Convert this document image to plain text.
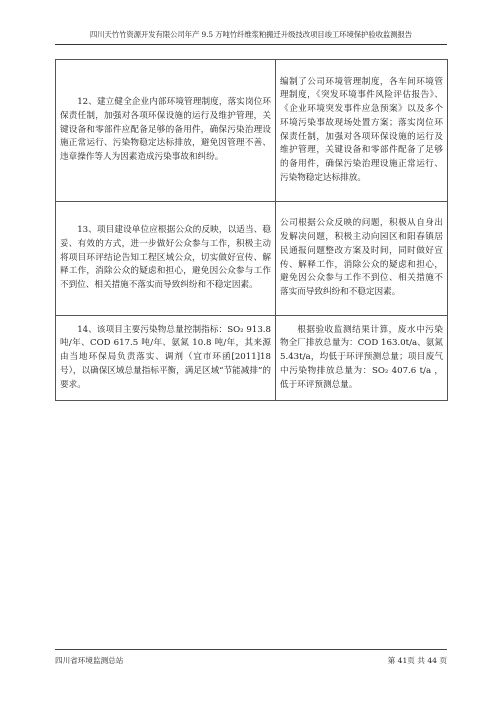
四川天竹竹资源开发有限公司年产 9.5 万吨竹纤维浆粕搬迁升级技改项目竣工环境保护验收监测报告
12、建立健全企业内部环境管理制度，落实岗位环保责任制，加强对各项环保设施的运行及维护管理，关键设备和零部件应配备足够的备用件，确保污染治理设施正常运行、污染物稳定达标排放，避免因管理不善、违章操作等人为因素造成污染事故和纠纷。	编制了公司环境管理制度，各车间环境管理制度，《突发环境事件风险评估报告》、《企业环境突发事件应急预案》以及多个环境污染事故现场处置方案；落实岗位环保责任制，加强对各项环保设施的运行及维护管理，关键设备和零部件配备了足够的备用件，确保污染治理设施正常运行、污染物稳定达标排放。

13、项目建设单位应根据公众的反映，以适当、稳妥、有效的方式，进一步做好公众参与工作，积极主动将项目环评结论告知工程区域公众，切实做好宣传、解释工作，消除公众的疑虑和担心，避免因公众参与工作不到位、相关措施不落实而导致纠纷和不稳定因素。	公司根据公众反映的问题，积极从自身出发解决问题，积极主动向园区和阳春镇居民通报问题整改方案及时间，同时做好宣传、解释工作，消除公众的疑虑和担心，避免因公众参与工作不到位、相关措施不落实而导致纠纷和不稳定因素。

14、该项目主要污染物总量控制指标：SO₂ 913.8 吨/年、COD 617.5 吨/年、氨氮 10.8 吨/年，其来源由当地环保局负责落实、调剂（宜市环函[2011]18 号），以确保区域总量指标平衡，满足区域“节能减排”的要求。	根据验收监测结果计算，废水中污染物全厂排放总量为：COD 163.0t/a、氨氮 5.43t/a，均低于环评预测总量；项目废气中污染物排放总量为：SO₂ 407.6 t/a ，低于环评预测总量。
四川省环境监测总站	第 41页 共 44 页
